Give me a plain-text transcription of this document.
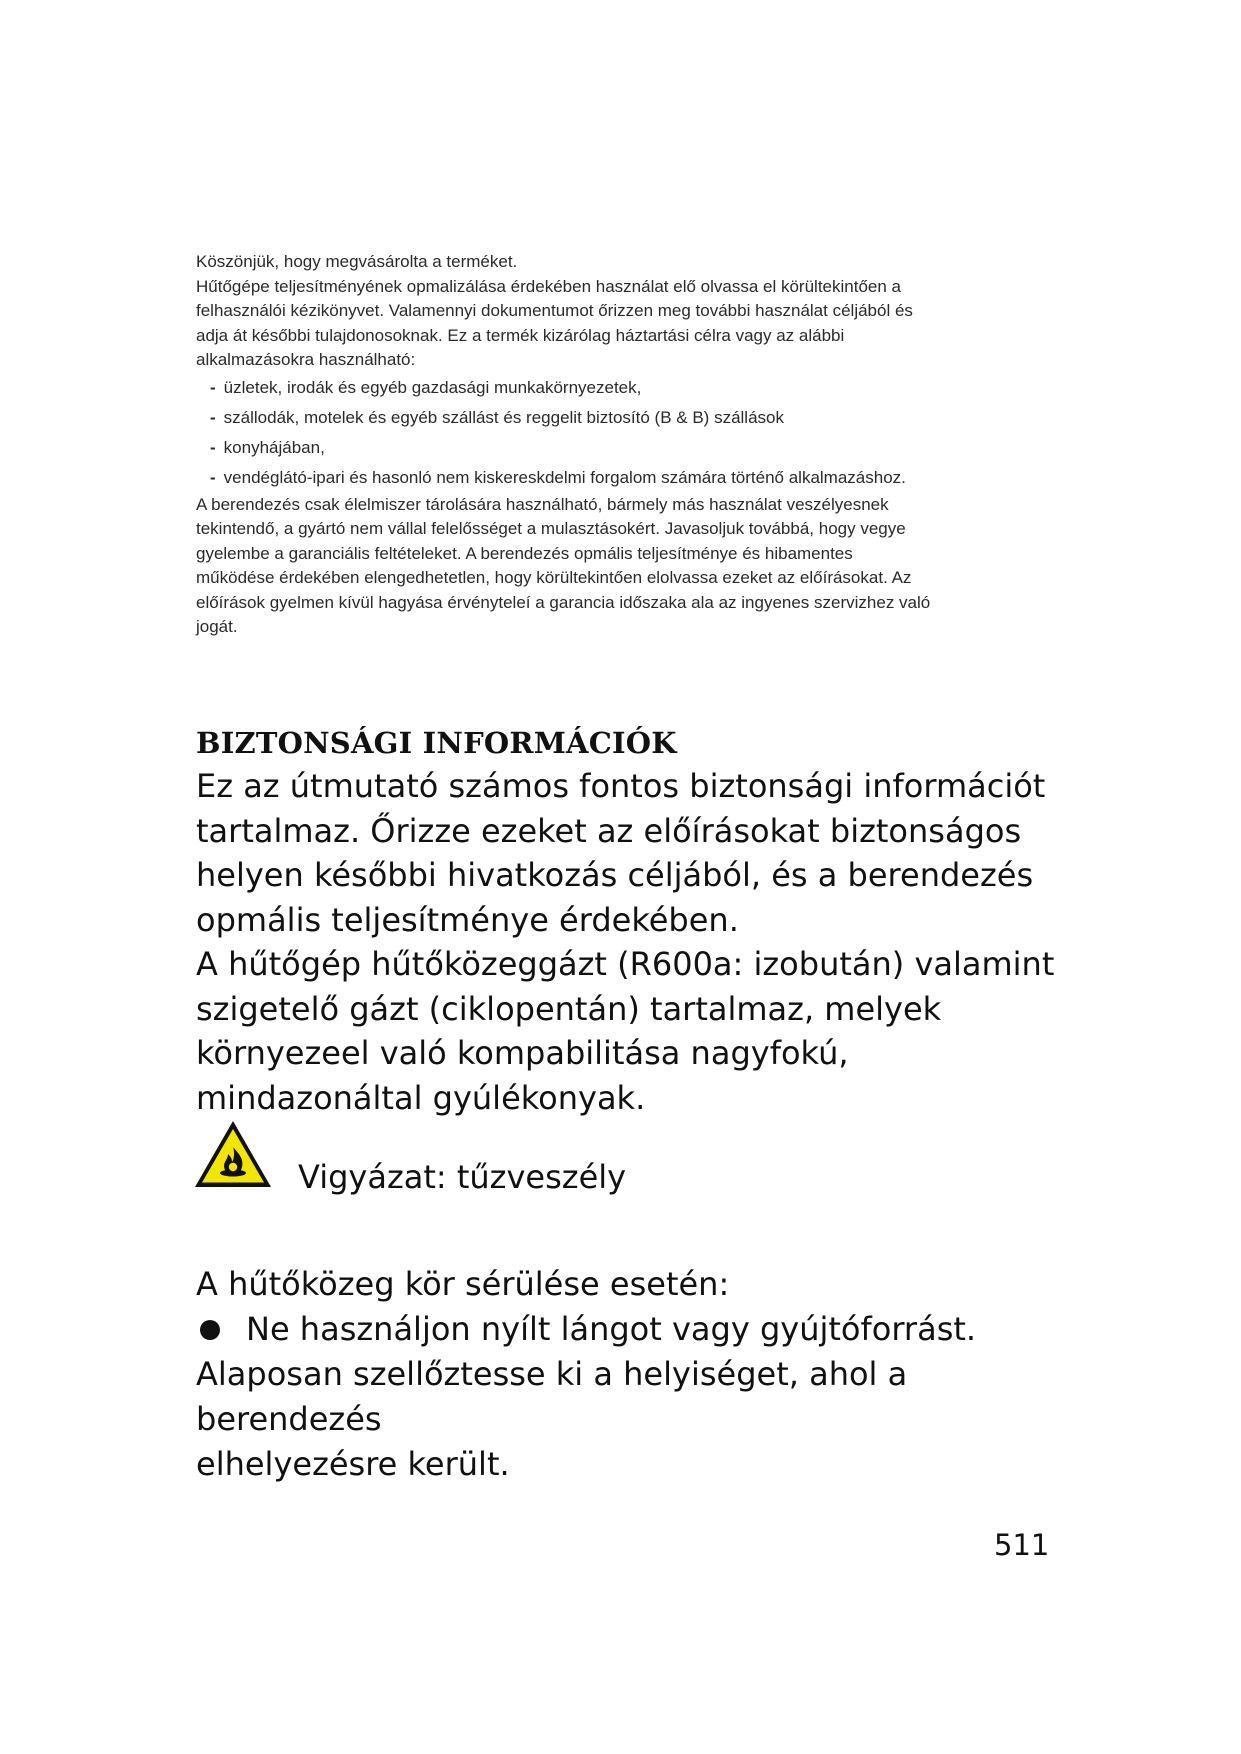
Köszönjük, hogy megvásárolta a terméket.

Hűtőgépe teljesítményének opmalizálása érdekében használat elő olvassa el körültekintően a

felhasználói kézikönyvet. Valamennyi dokumentumot őrizzen meg további használat céljából és

adja át későbbi tulajdonosoknak. Ez a termék kizárólag háztartási célra vagy az alábbi

alkalmazásokra használható:

- üzletek, irodák és egyéb gazdasági munkakörnyezetek,
- szállodák, motelek és egyéb szállást és reggelit biztosító (B & B) szállások
- konyhájában,
- vendéglátó-ipari és hasonló nem kiskereskdelmi forgalom számára történő alkalmazáshoz.

A berendezés csak élelmiszer tárolására használható, bármely más használat veszélyesnek

tekintendő, a gyártó nem vállal felelősséget a mulasztásokért. Javasoljuk továbbá, hogy vegye

gyelembe a garanciális feltételeket. A berendezés opmális teljesítménye és hibamentes

működése érdekében elengedhetetlen, hogy körültekintően elolvassa ezeket az előírásokat. Az

előírások gyelmen kívül hagyása érvényteleí a garancia időszaka ala az ingyenes szervizhez való

jogát.

BIZTONSÁGI INFORMÁCIÓK

Ez az útmutató számos fontos biztonsági információt

tartalmaz. Őrizze ezeket az előírásokat biztonságos

helyen későbbi hivatkozás céljából, és a berendezés

opmális teljesítménye érdekében.

A hűtőgép hűtőközeggázt (R600a: izobután) valamint

szigetelő gázt (ciklopentán) tartalmaz, melyek

környezeel való kompabilitása nagyfokú,

mindazonáltal gyúlékonyak.

Vigyázat: tűzveszély

A hűtőközeg kör sérülése esetén:

Ne használjon nyílt lángot vagy gyújtóforrást.

Alaposan szellőztesse ki a helyiséget, ahol a berendezés

elhelyezésre került.

511
